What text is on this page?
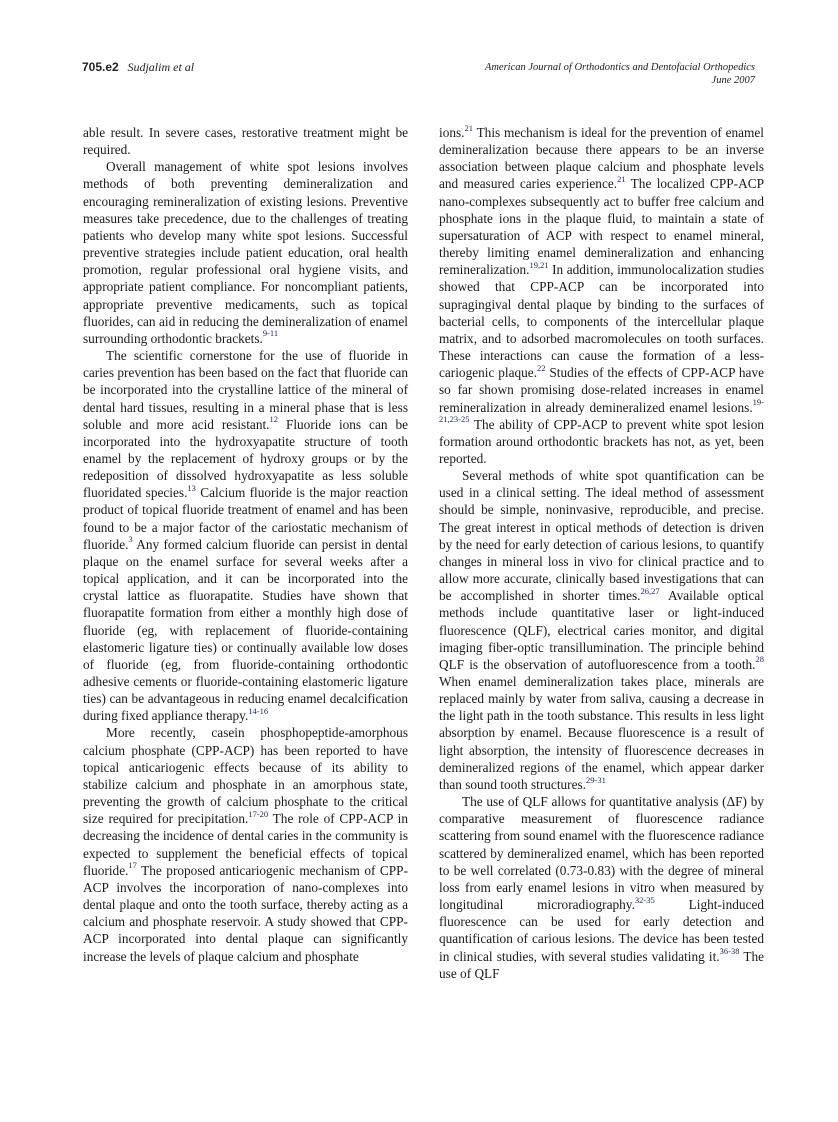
705.e2 Sudjalim et al	American Journal of Orthodontics and Dentofacial Orthopedics
June 2007

able result. In severe cases, restorative treatment might be required.

Overall management of white spot lesions involves methods of both preventing demineralization and encouraging remineralization of existing lesions. Preventive measures take precedence, due to the challenges of treating patients who develop many white spot lesions. Successful preventive strategies include patient education, oral health promotion, regular professional oral hygiene visits, and appropriate patient compliance. For noncompliant patients, appropriate preventive medicaments, such as topical fluorides, can aid in reducing the demineralization of enamel surrounding orthodontic brackets.$^{9-11}$

The scientific cornerstone for the use of fluoride in caries prevention has been based on the fact that fluoride can be incorporated into the crystalline lattice of the mineral of dental hard tissues, resulting in a mineral phase that is less soluble and more acid resistant.$^{12}$ Fluoride ions can be incorporated into the hydroxyapatite structure of tooth enamel by the replacement of hydroxy groups or by the redeposition of dissolved hydroxyapatite as less soluble fluoridated species.$^{13}$ Calcium fluoride is the major reaction product of topical fluoride treatment of enamel and has been found to be a major factor of the cariostatic mechanism of fluoride.$^3$ Any formed calcium fluoride can persist in dental plaque on the enamel surface for several weeks after a topical application, and it can be incorporated into the crystal lattice as fluorapatite. Studies have shown that fluorapatite formation from either a monthly high dose of fluoride (eg, with replacement of fluoride-containing elastomeric ligature ties) or continually available low doses of fluoride (eg, from fluoride-containing orthodontic adhesive cements or fluoride-containing elastomeric ligature ties) can be advantageous in reducing enamel decalcification during fixed appliance therapy.$^{14-16}$

More recently, casein phosphopeptide-amorphous calcium phosphate (CPP-ACP) has been reported to have topical anticariogenic effects because of its ability to stabilize calcium and phosphate in an amorphous state, preventing the growth of calcium phosphate to the critical size required for precipitation.$^{17-20}$ The role of CPP-ACP in decreasing the incidence of dental caries in the community is expected to supplement the beneficial effects of topical fluoride.$^{17}$ The proposed anticariogenic mechanism of CPP-ACP involves the incorporation of nano-complexes into dental plaque and onto the tooth surface, thereby acting as a calcium and phosphate reservoir. A study showed that CPP-ACP incorporated into dental plaque can significantly increase the levels of plaque calcium and phosphate

ions.$^{21}$ This mechanism is ideal for the prevention of enamel demineralization because there appears to be an inverse association between plaque calcium and phosphate levels and measured caries experience.$^{21}$ The localized CPP-ACP nano-complexes subsequently act to buffer free calcium and phosphate ions in the plaque fluid, to maintain a state of supersaturation of ACP with respect to enamel mineral, thereby limiting enamel demineralization and enhancing remineralization.$^{19,21}$ In addition, immunolocalization studies showed that CPP-ACP can be incorporated into supragingival dental plaque by binding to the surfaces of bacterial cells, to components of the intercellular plaque matrix, and to adsorbed macromolecules on tooth surfaces. These interactions can cause the formation of a less-cariogenic plaque.$^{22}$ Studies of the effects of CPP-ACP have so far shown promising dose-related increases in enamel remineralization in already demineralized enamel lesions.$^{19-21,23-25}$ The ability of CPP-ACP to prevent white spot lesion formation around orthodontic brackets has not, as yet, been reported.

Several methods of white spot quantification can be used in a clinical setting. The ideal method of assessment should be simple, noninvasive, reproducible, and precise. The great interest in optical methods of detection is driven by the need for early detection of carious lesions, to quantify changes in mineral loss in vivo for clinical practice and to allow more accurate, clinically based investigations that can be accomplished in shorter times.$^{26,27}$ Available optical methods include quantitative laser or light-induced fluorescence (QLF), electrical caries monitor, and digital imaging fiber-optic transillumination. The principle behind QLF is the observation of autofluorescence from a tooth.$^{28}$ When enamel demineralization takes place, minerals are replaced mainly by water from saliva, causing a decrease in the light path in the tooth substance. This results in less light absorption by enamel. Because fluorescence is a result of light absorption, the intensity of fluorescence decreases in demineralized regions of the enamel, which appear darker than sound tooth structures.$^{29-31}$

The use of QLF allows for quantitative analysis (ΔF) by comparative measurement of fluorescence radiance scattering from sound enamel with the fluorescence radiance scattered by demineralized enamel, which has been reported to be well correlated (0.73-0.83) with the degree of mineral loss from early enamel lesions in vitro when measured by longitudinal microradiography.$^{32-35}$ Light-induced fluorescence can be used for early detection and quantification of carious lesions. The device has been tested in clinical studies, with several studies validating it.$^{36-38}$ The use of QLF
